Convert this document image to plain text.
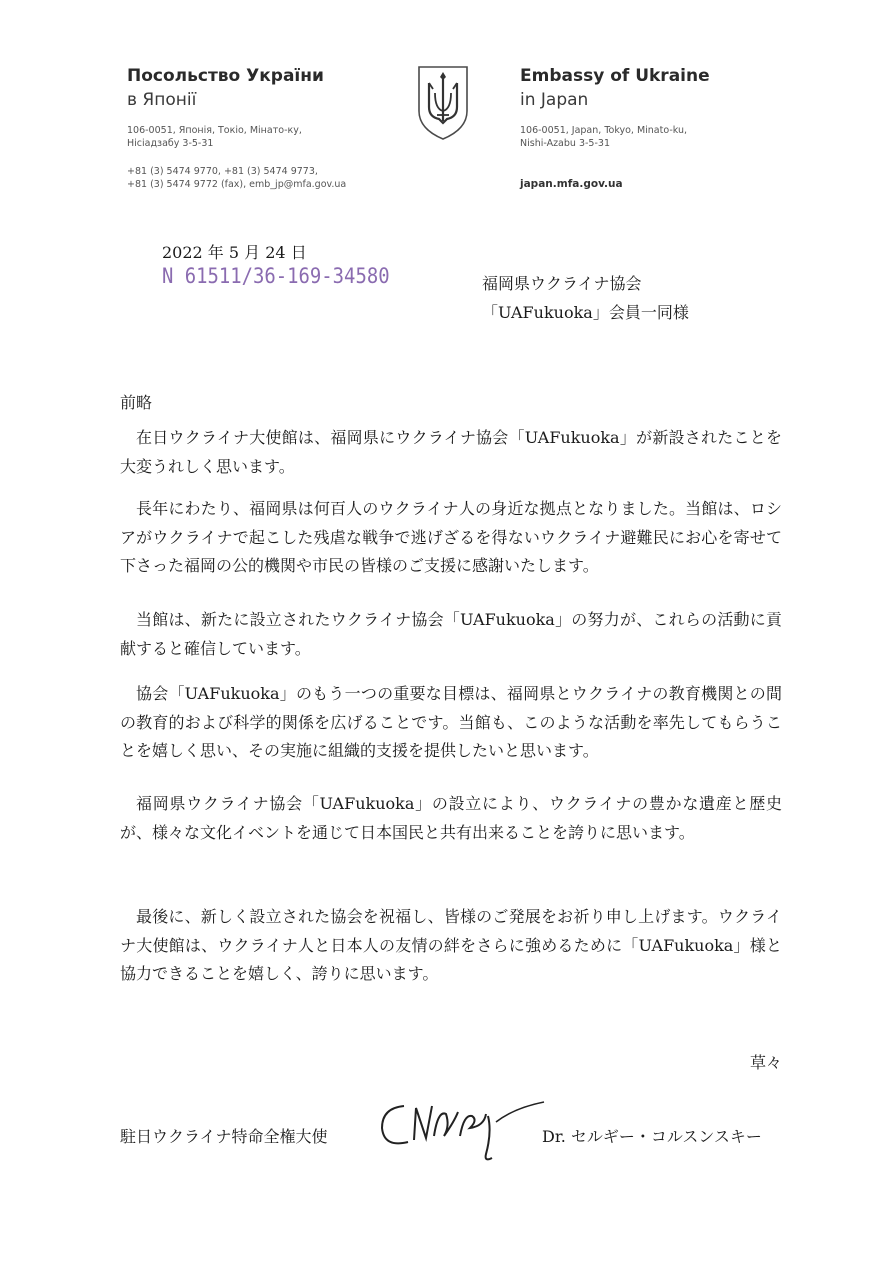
Посольство України
в Японії
106-0051, Японія, Токіо, Мінато-ку,
Нісіадзабу 3-5-31
+81 (3) 5474 9770, +81 (3) 5474 9773,
+81 (3) 5474 9772 (fax), emb_jp@mfa.gov.ua
Embassy of Ukraine
in Japan
106-0051, Japan, Tokyo, Minato-ku,
Nishi-Azabu 3-5-31
japan.mfa.gov.ua
2022 年 5 月 24 日
N 61511/36-169-34580	福岡県ウクライナ協会
「UAFukuoka」会員一同様
前略
在日ウクライナ大使館は、福岡県にウクライナ協会「UAFukuoka」が新設されたことを大変うれしく思います。
長年にわたり、福岡県は何百人のウクライナ人の身近な拠点となりました。当館は、ロシアがウクライナで起こした残虐な戦争で逃げざるを得ないウクライナ避難民にお心を寄せて下さった福岡の公的機関や市民の皆様のご支援に感謝いたします。
当館は、新たに設立されたウクライナ協会「UAFukuoka」の努力が、これらの活動に貢献すると確信しています。
協会「UAFukuoka」のもう一つの重要な目標は、福岡県とウクライナの教育機関との間の教育的および科学的関係を広げることです。当館も、このような活動を率先してもらうことを嬉しく思い、その実施に組織的支援を提供したいと思います。
福岡県ウクライナ協会「UAFukuoka」の設立により、ウクライナの豊かな遺産と歴史が、様々な文化イベントを通じて日本国民と共有出来ることを誇りに思います。
最後に、新しく設立された協会を祝福し、皆様のご発展をお祈り申し上げます。ウクライナ大使館は、ウクライナ人と日本人の友情の絆をさらに強めるために「UAFukuoka」様と協力できることを嬉しく、誇りに思います。
草々
駐日ウクライナ特命全権大使	Dr. セルギー・コルスンスキー
